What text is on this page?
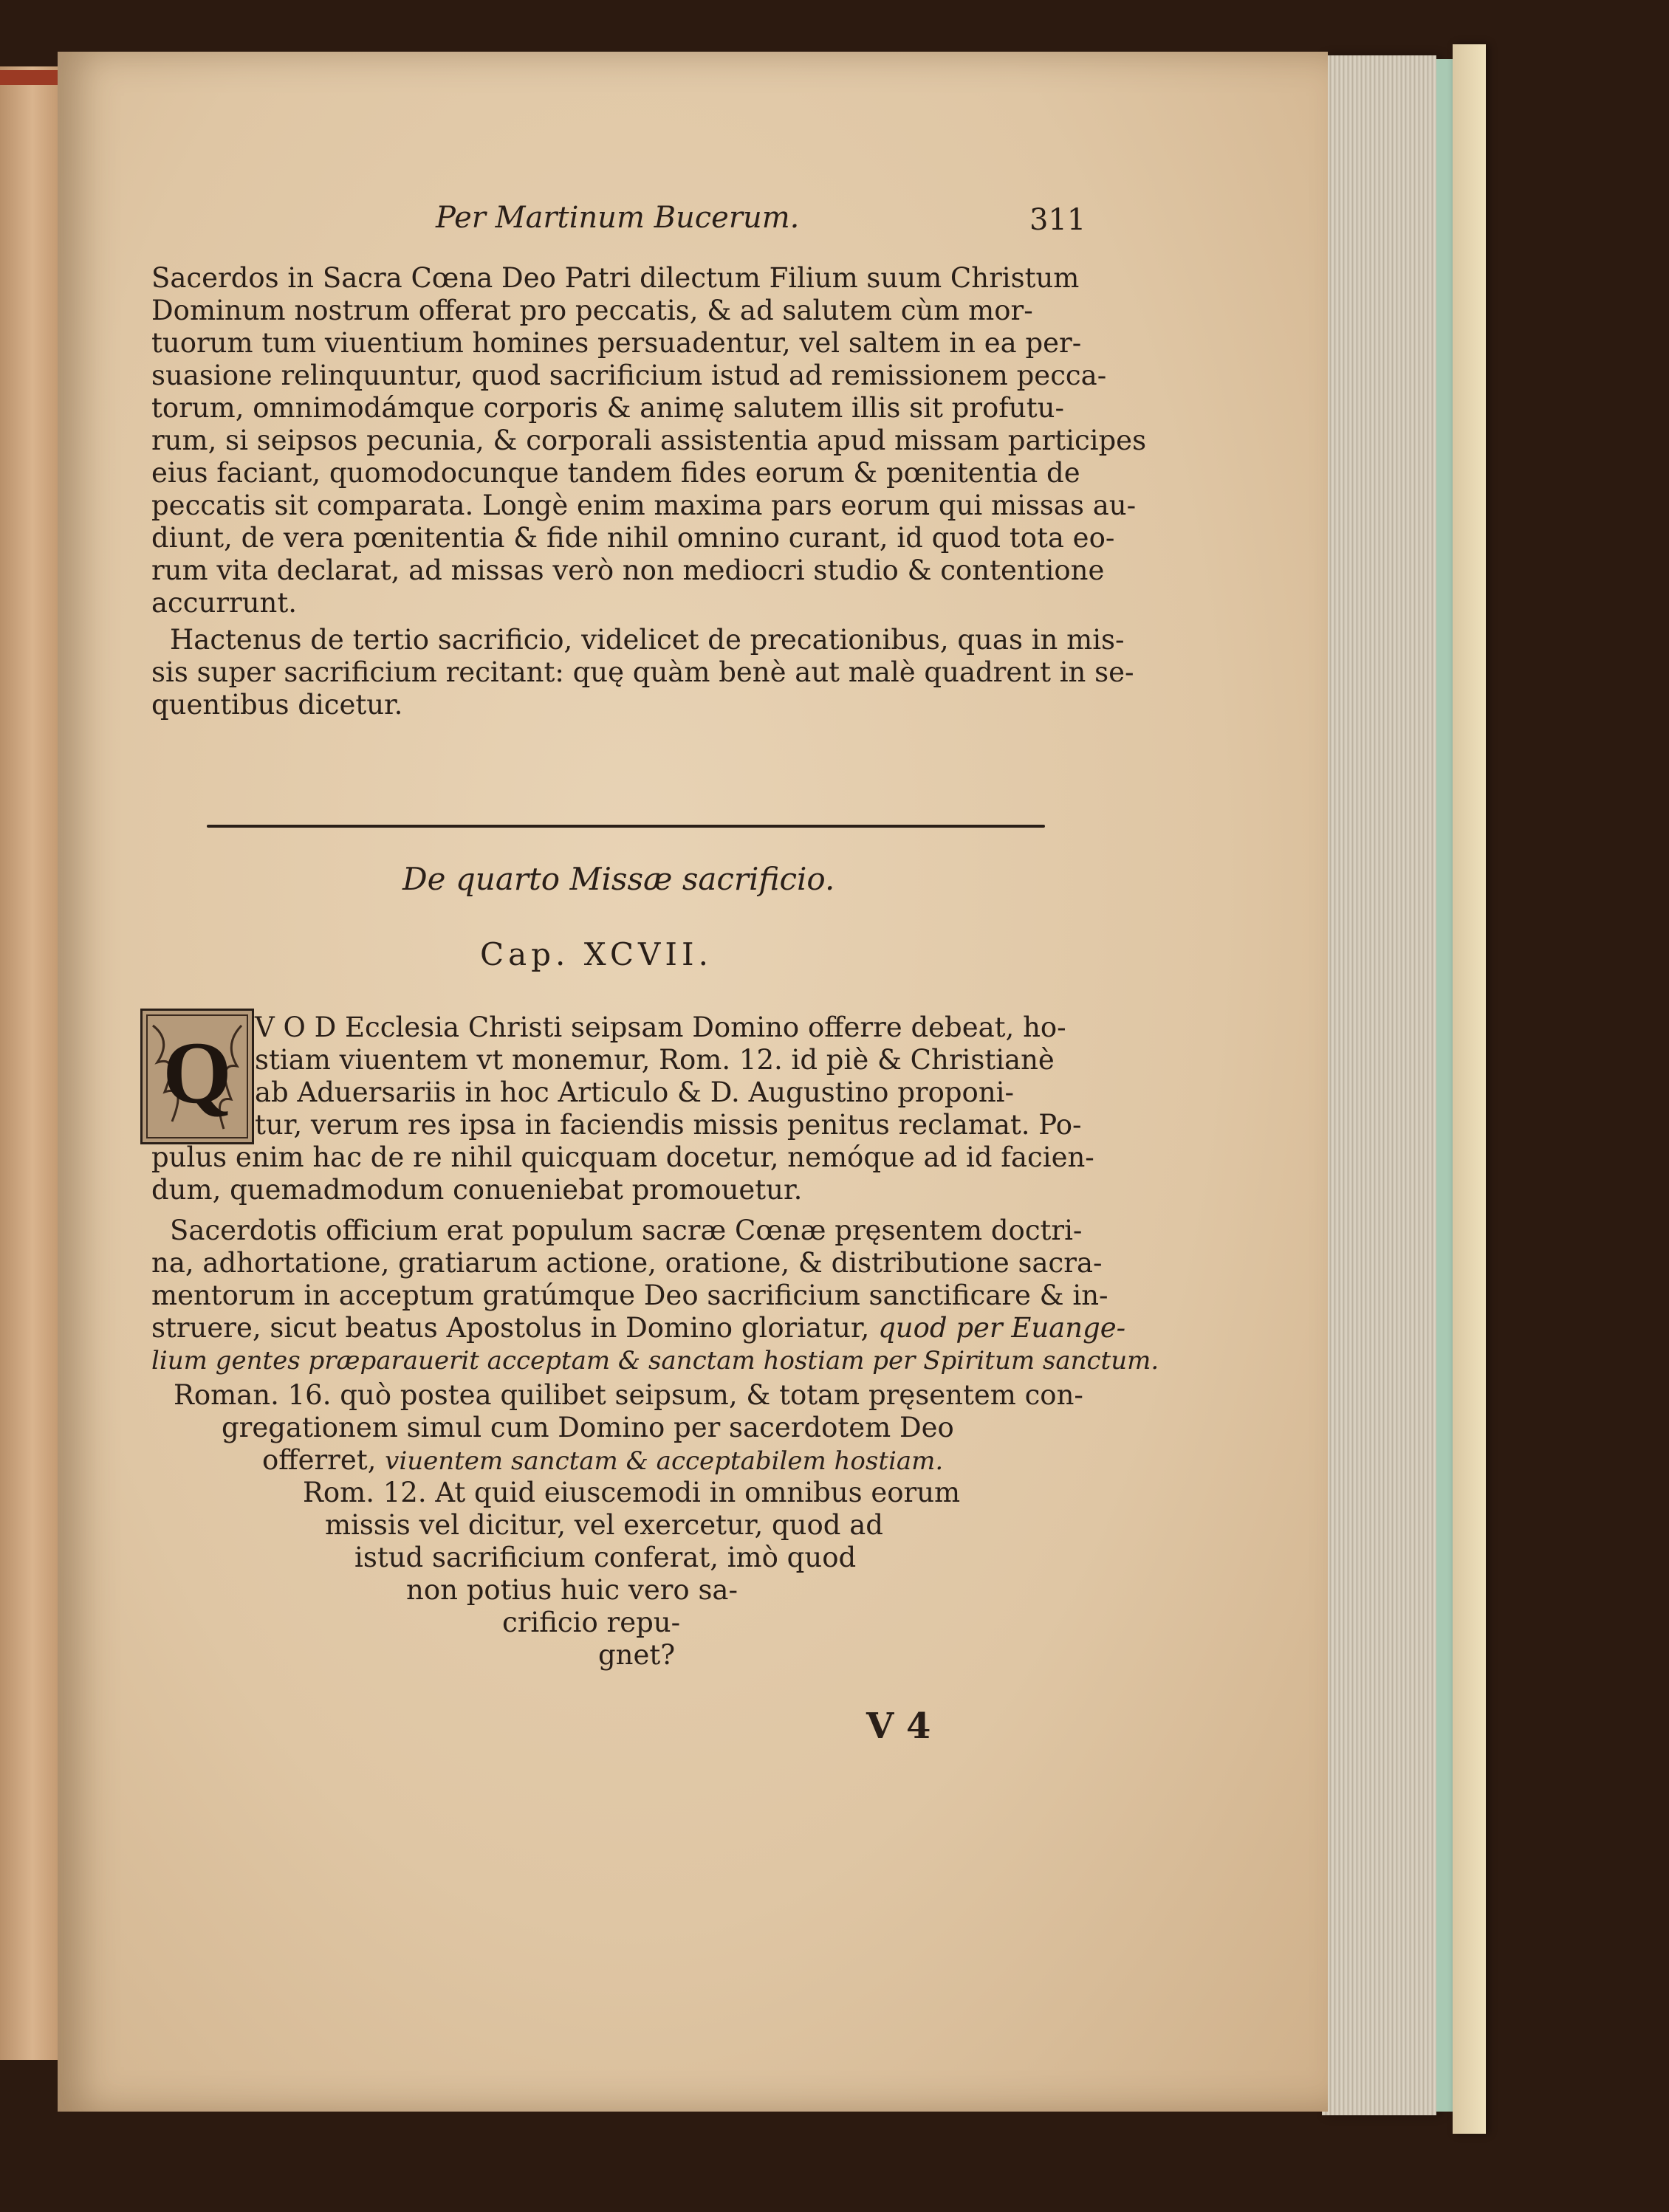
Per Martinum Bucerum.	311
Sacerdos in Sacra Cœna Deo Patri dilectum Filium suum Christum
Dominum nostrum offerat pro peccatis, & ad salutem cùm mor-
tuorum tum viuentium homines persuadentur, vel saltem in ea per-
suasione relinquuntur, quod sacrificium istud ad remissionem pecca-
torum, omnimodámque corporis & animę salutem illis sit profutu-
rum, si seipsos pecunia, & corporali assistentia apud missam participes
eius faciant, quomodocunque tandem fides eorum & pœnitentia de
peccatis sit comparata. Longè enim maxima pars eorum qui missas au-
diunt, de vera pœnitentia & fide nihil omnino curant, id quod tota eo-
rum vita declarat, ad missas verò non mediocri studio & contentione
accurrunt.
Hactenus de tertio sacrificio, videlicet de precationibus, quas in mis-
sis super sacrificium recitant: quę quàm benè aut malè quadrent in se-
quentibus dicetur.
De quarto Missæ sacrificio.
Cap. XCVII.
Q V O D Ecclesia Christi seipsam Domino offerre debeat, ho-
stiam viuentem vt monemur, Rom. 12. id piè & Christianè
ab Aduersariis in hoc Articulo & D. Augustino proponi-
tur, verum res ipsa in faciendis missis penitus reclamat. Po-
pulus enim hac de re nihil quicquam docetur, nemóque ad id facien-
dum, quemadmodum conueniebat promouetur.
Sacerdotis officium erat populum sacræ Cœnæ pręsentem doctri-
na, adhortatione, gratiarum actione, oratione, & distributione sacra-
mentorum in acceptum gratúmque Deo sacrificium sanctificare & in-
struere, sicut beatus Apostolus in Domino gloriatur, quod per Euange-
lium gentes præparauerit acceptam & sanctam hostiam per Spiritum sanctum.
Roman. 16. quò postea quilibet seipsum, & totam pręsentem con-
gregationem simul cum Domino per sacerdotem Deo
offerret, viuentem sanctam & acceptabilem hostiam.
Rom. 12. At quid eiuscemodi in omnibus eorum
missis vel dicitur, vel exercetur, quod ad
istud sacrificium conferat, imò quod
non potius huic vero sa-
crificio repu-
gnet?
V 4
